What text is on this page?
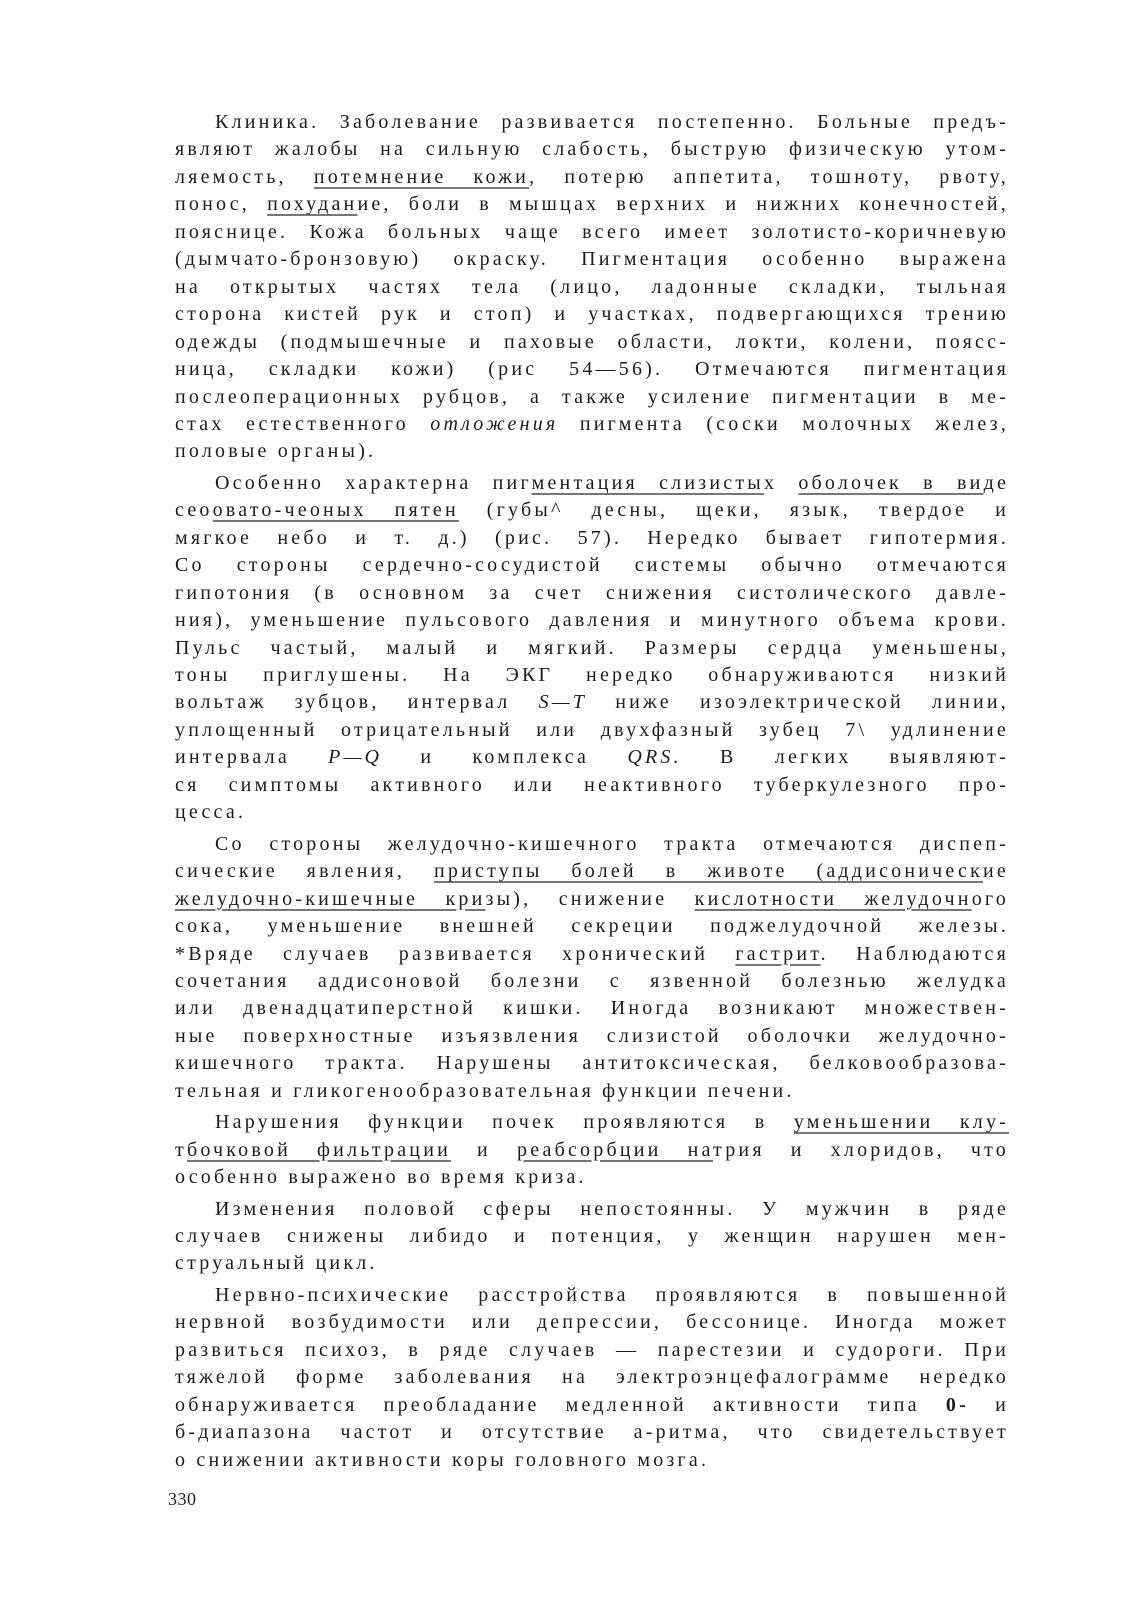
Клиника. Заболевание развивается постепенно. Больные предъ-
являют жалобы на сильную слабость, быструю физическую утом-
ляемость, потемнение кожи, потерю аппетита, тошноту, рвоту,
понос, похудание, боли в мышцах верхних и нижних конечностей,
пояснице. Кожа больных чаще всего имеет золотисто-коричневую
(дымчато-бронзовую) окраску. Пигментация особенно выражена
на открытых частях тела (лицо, ладонные складки, тыльная
сторона кистей рук и стоп) и участках, подвергающихся трению
одежды (подмышечные и паховые области, локти, колени, поясс-
ница, складки кожи) (рис 54—56). Отмечаются пигментация
послеоперационных рубцов, а также усиление пигментации в ме-
стах естественного отложения пигмента (соски молочных желез,
половые органы).
Особенно характерна пигментация слизистых оболочек в виде
сеоовато-чеоных пятен (губы^ десны, щеки, язык, твердое и
мягкое небо и т. д.) (рис. 57). Нередко бывает гипотермия.
Со стороны сердечно-сосудистой системы обычно отмечаются
гипотония (в основном за счет снижения систолического давле-
ния), уменьшение пульсового давления и минутного объема крови.
Пульс частый, малый и мягкий. Размеры сердца уменьшены,
тоны приглушены. На ЭКГ нередко обнаруживаются низкий
вольтаж зубцов, интервал S—T ниже изоэлектрической линии,
уплощенный отрицательный или двухфазный зубец 7\ удлинение
интервала P—Q и комплекса QRS. В легких выявляют-
ся симптомы активного или неактивного туберкулезного про-
цесса.
Со стороны желудочно-кишечного тракта отмечаются диспеп-
сические явления, приступы болей в животе (аддисонические
желудочно-кишечные кризы), снижение кислотности желудочного
сока, уменьшение внешней секреции поджелудочной железы.
*Вряде случаев развивается хронический гастрит. Наблюдаются
сочетания аддисоновой болезни с язвенной болезнью желудка
или двенадцатиперстной кишки. Иногда возникают множествен-
ные поверхностные изъязвления слизистой оболочки желудочно-
кишечного тракта. Нарушены антитоксическая, белковообразова-
тельная и гликогенообразовательная функции печени.
Нарушения функции почек проявляются в уменьшении клу-
тбочковой фильтрации и реабсорбции натрия и хлоридов, что
особенно выражено во время криза.
Изменения половой сферы непостоянны. У мужчин в ряде
случаев снижены либидо и потенция, у женщин нарушен мен-
струальный цикл.
Нервно-психические расстройства проявляются в повышенной
нервной возбудимости или депрессии, бессонице. Иногда может
развиться психоз, в ряде случаев — парестезии и судороги. При
тяжелой форме заболевания на электроэнцефалограмме нередко
обнаруживается преобладание медленной активности типа 0- и
б-диапазона частот и отсутствие а-ритма, что свидетельствует
о снижении активности коры головного мозга.
330
